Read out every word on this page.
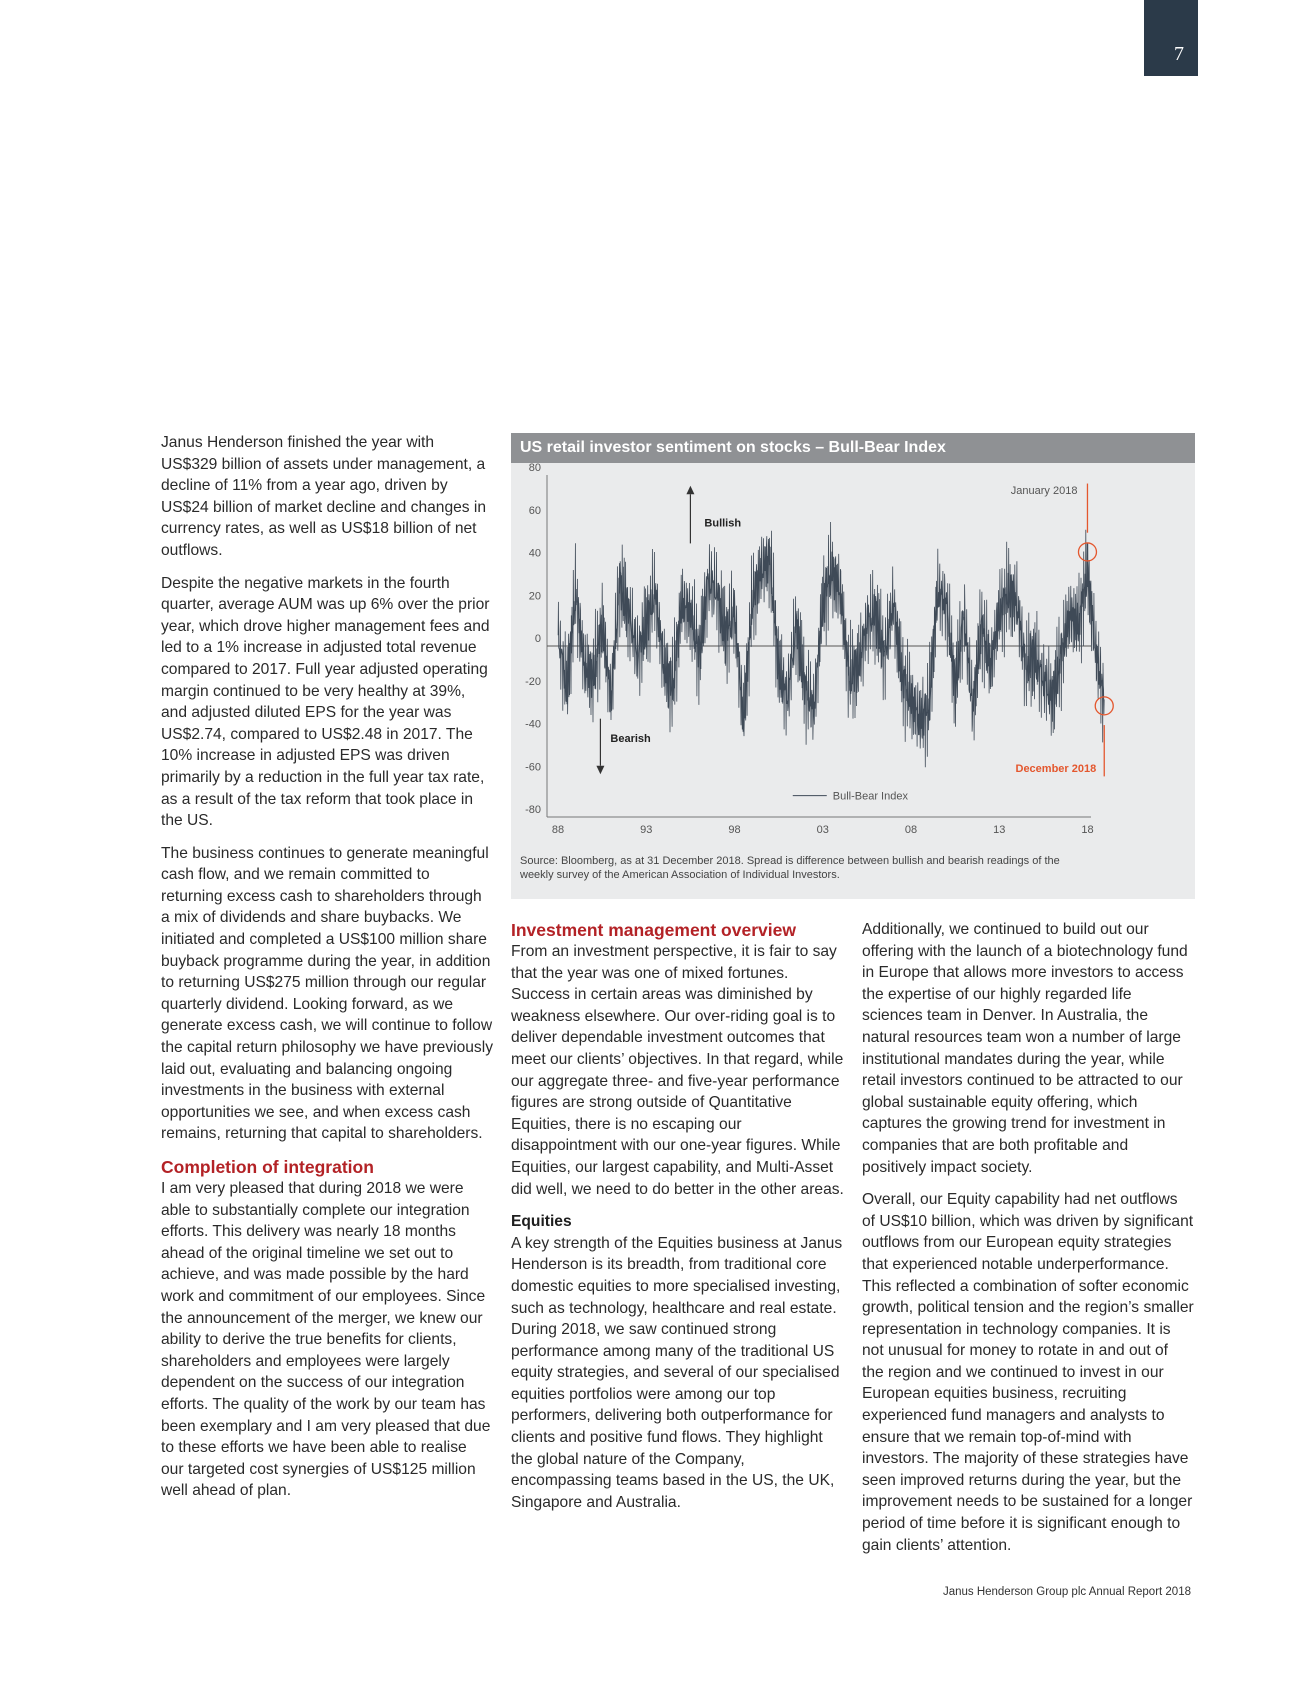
7

Janus Henderson finished the year with US$329 billion of assets under management, a decline of 11% from a year ago, driven by US$24 billion of market decline and changes in currency rates, as well as US$18 billion of net outflows.

Despite the negative markets in the fourth quarter, average AUM was up 6% over the prior year, which drove higher management fees and led to a 1% increase in adjusted total revenue compared to 2017. Full year adjusted operating margin continued to be very healthy at 39%, and adjusted diluted EPS for the year was US$2.74, compared to US$2.48 in 2017. The 10% increase in adjusted EPS was driven primarily by a reduction in the full year tax rate, as a result of the tax reform that took place in the US.

The business continues to generate meaningful cash flow, and we remain committed to returning excess cash to shareholders through a mix of dividends and share buybacks. We initiated and completed a US$100 million share buyback programme during the year, in addition to returning US$275 million through our regular quarterly dividend. Looking forward, as we generate excess cash, we will continue to follow the capital return philosophy we have previously laid out, evaluating and balancing ongoing investments in the business with external opportunities we see, and when excess cash remains, returning that capital to shareholders.

Completion of integration

I am very pleased that during 2018 we were able to substantially complete our integration efforts. This delivery was nearly 18 months ahead of the original timeline we set out to achieve, and was made possible by the hard work and commitment of our employees. Since the announcement of the merger, we knew our ability to derive the true benefits for clients, shareholders and employees were largely dependent on the success of our integration efforts. The quality of the work by our team has been exemplary and I am very pleased that due to these efforts we have been able to realise our targeted cost synergies of US$125 million well ahead of plan.

US retail investor sentiment on stocks – Bull-Bear Index
80
60
40
20
0
-20
-40
-60
-80
88	93	98	03	08	13	18
Bullish
Bearish
January 2018
December 2018
Bull-Bear Index
Source: Bloomberg, as at 31 December 2018. Spread is difference between bullish and bearish readings of the weekly survey of the American Association of Individual Investors.
Investment management overview

From an investment perspective, it is fair to say that the year was one of mixed fortunes. Success in certain areas was diminished by weakness elsewhere. Our over-riding goal is to deliver dependable investment outcomes that meet our clients’ objectives. In that regard, while our aggregate three- and five-year performance figures are strong outside of Quantitative Equities, there is no escaping our disappointment with our one-year figures. While Equities, our largest capability, and Multi-Asset did well, we need to do better in the other areas.

Equities

A key strength of the Equities business at Janus Henderson is its breadth, from traditional core domestic equities to more specialised investing, such as technology, healthcare and real estate. During 2018, we saw continued strong performance among many of the traditional US equity strategies, and several of our specialised equities portfolios were among our top performers, delivering both outperformance for clients and positive fund flows. They highlight the global nature of the Company, encompassing teams based in the US, the UK, Singapore and Australia.

Additionally, we continued to build out our offering with the launch of a biotechnology fund in Europe that allows more investors to access the expertise of our highly regarded life sciences team in Denver. In Australia, the natural resources team won a number of large institutional mandates during the year, while retail investors continued to be attracted to our global sustainable equity offering, which captures the growing trend for investment in companies that are both profitable and positively impact society.

Overall, our Equity capability had net outflows of US$10 billion, which was driven by significant outflows from our European equity strategies that experienced notable underperformance. This reflected a combination of softer economic growth, political tension and the region’s smaller representation in technology companies. It is not unusual for money to rotate in and out of the region and we continued to invest in our European equities business, recruiting experienced fund managers and analysts to ensure that we remain top-of-mind with investors. The majority of these strategies have seen improved returns during the year, but the improvement needs to be sustained for a longer period of time before it is significant enough to gain clients’ attention.

Janus Henderson Group plc Annual Report 2018
